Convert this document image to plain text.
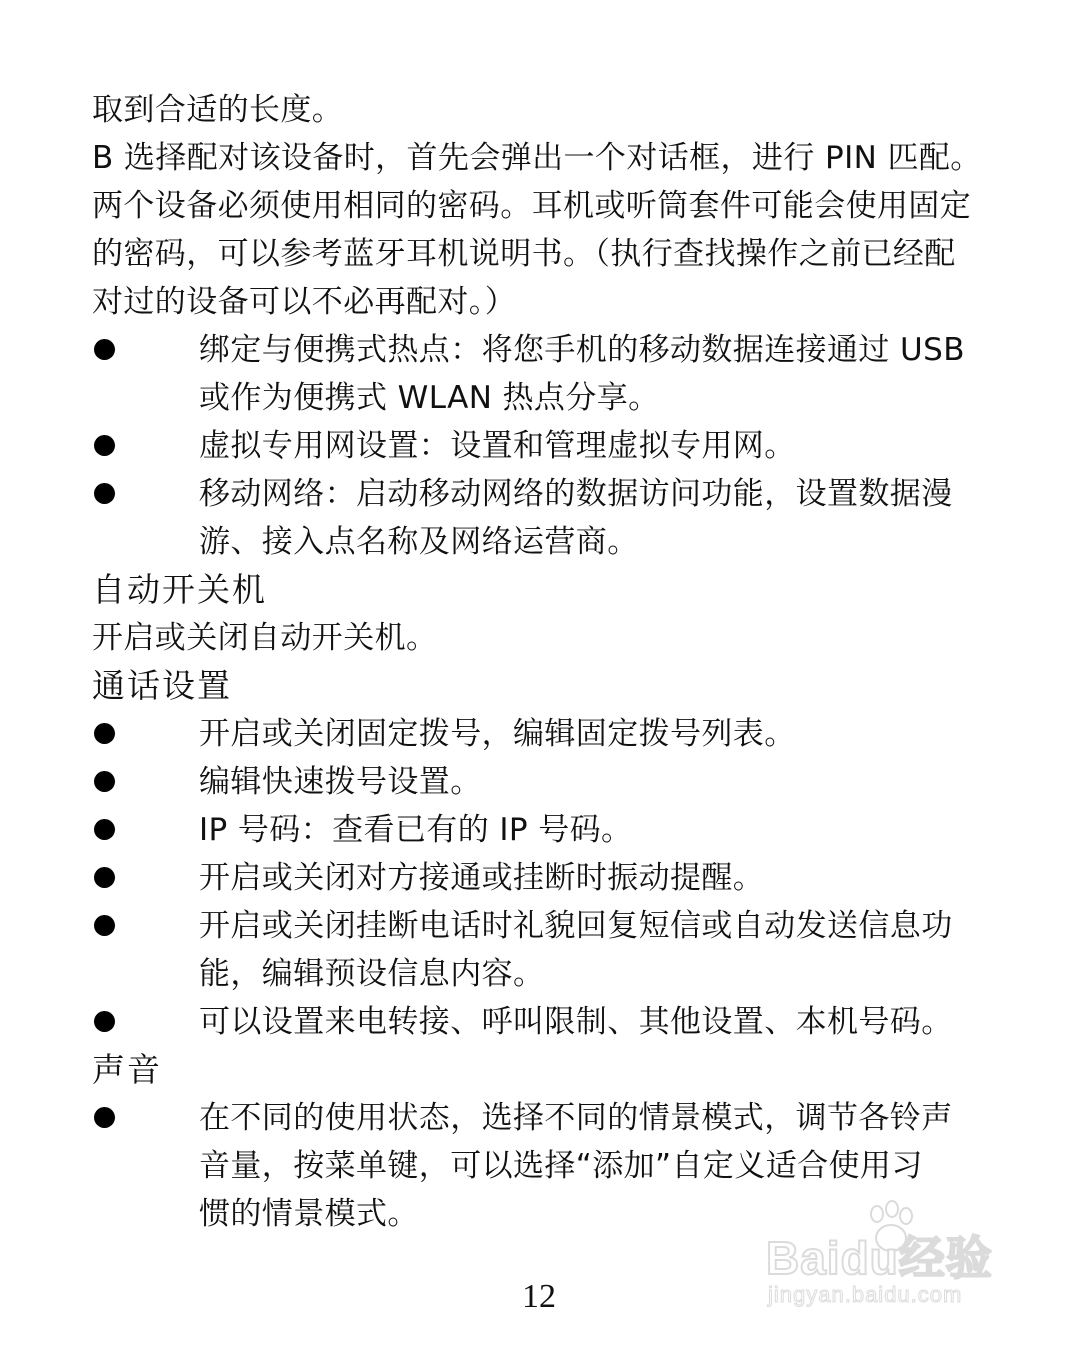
取到合适的长度。
B 选择配对该设备时，首先会弹出一个对话框，进行 PIN 匹配。
两个设备必须使用相同的密码。耳机或听筒套件可能会使用固定
的密码，可以参考蓝牙耳机说明书。（执行查找操作之前已经配
对过的设备可以不必再配对。）
绑定与便携式热点：将您手机的移动数据连接通过 USB
或作为便携式 WLAN 热点分享。
虚拟专用网设置：设置和管理虚拟专用网。
移动网络：启动移动网络的数据访问功能，设置数据漫
游、接入点名称及网络运营商。
自动开关机
开启或关闭自动开关机。
通话设置
开启或关闭固定拨号，编辑固定拨号列表。
编辑快速拨号设置。
IP 号码：查看已有的 IP 号码。
开启或关闭对方接通或挂断时振动提醒。
开启或关闭挂断电话时礼貌回复短信或自动发送信息功
能，编辑预设信息内容。
可以设置来电转接、呼叫限制、其他设置、本机号码。
声音
在不同的使用状态，选择不同的情景模式，调节各铃声
音量，按菜单键，可以选择“添加”自定义适合使用习
惯的情景模式。
Baidu经验
jingyan.baidu.com
12
